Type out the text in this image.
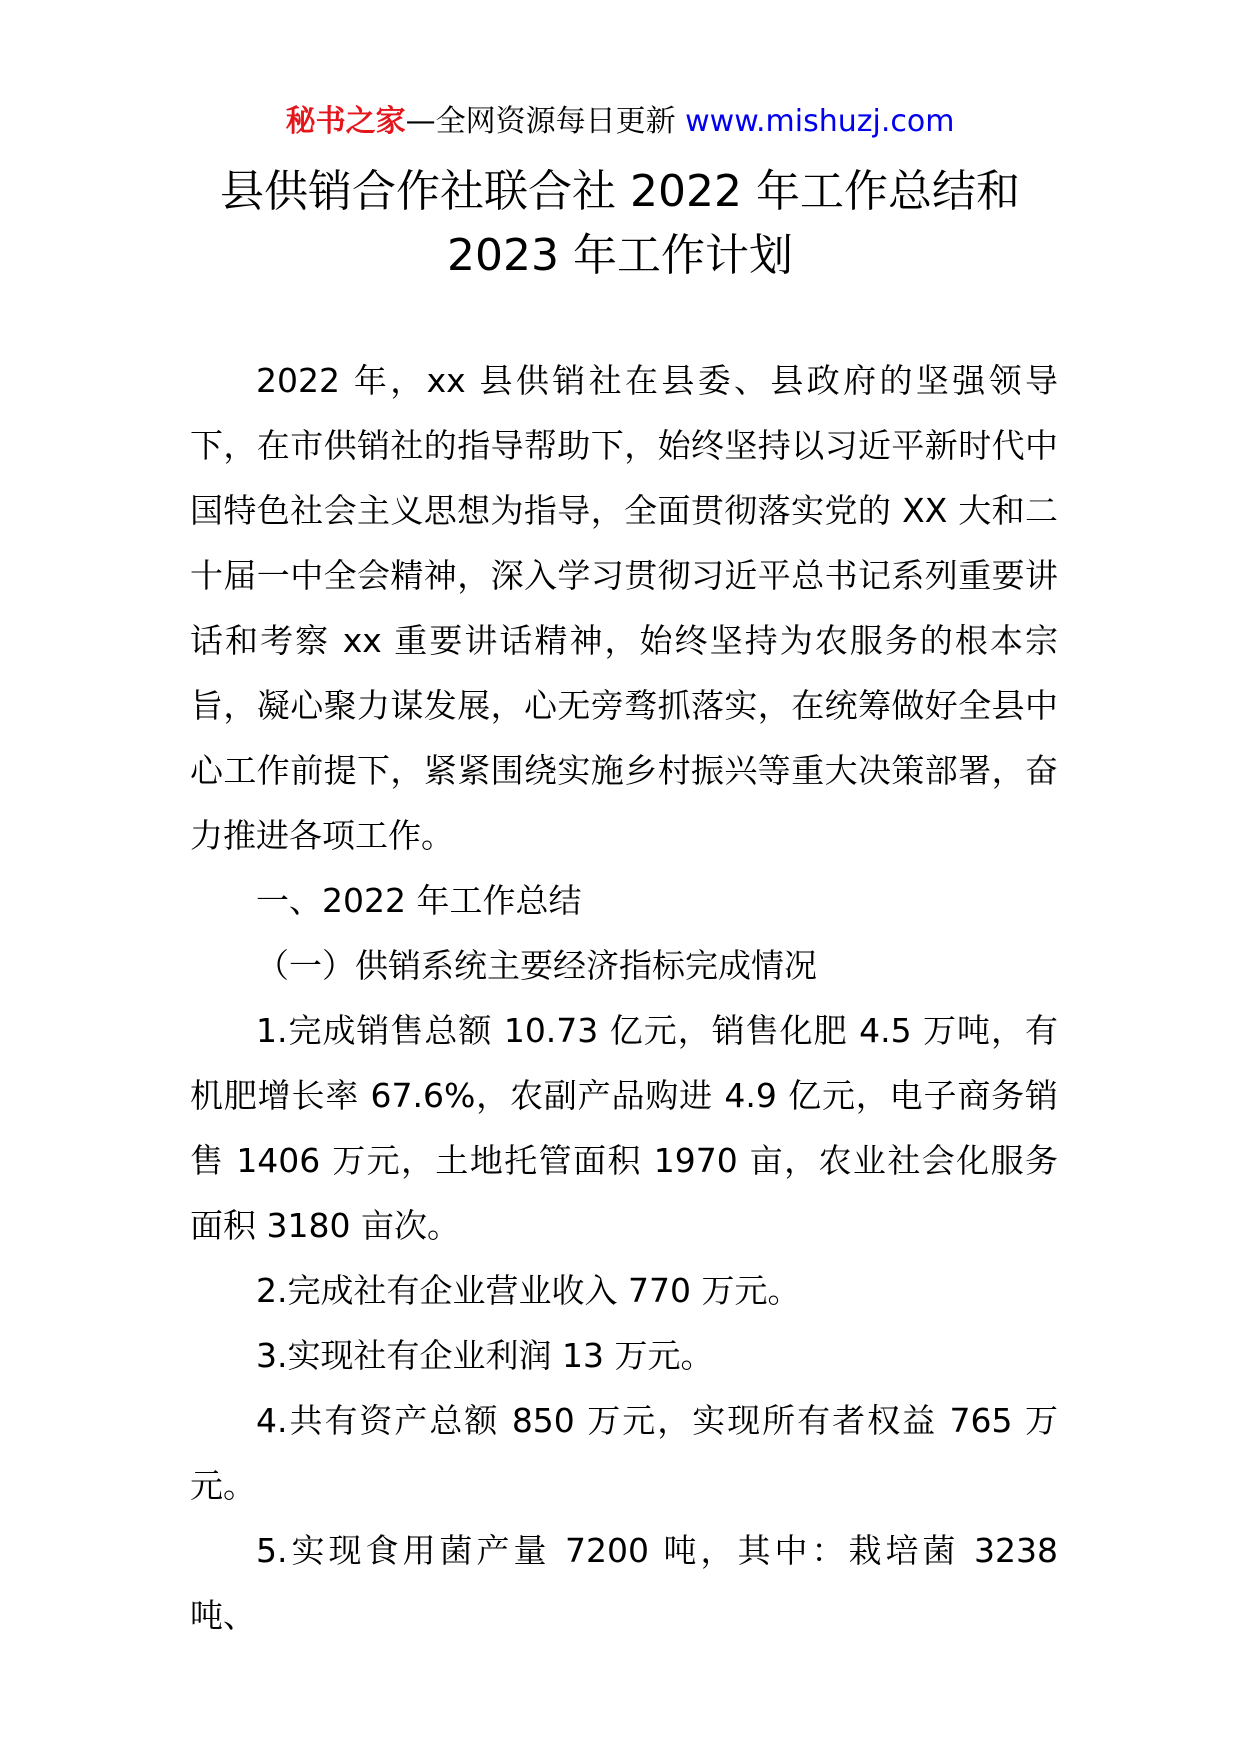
秘书之家—全网资源每日更新 www.mishuzj.com
县供销合作社联合社 2022 年工作总结和
2023 年工作计划

2022 年，xx 县供销社在县委、县政府的坚强领导下，在市供销社的指导帮助下，始终坚持以习近平新时代中国特色社会主义思想为指导，全面贯彻落实党的 XX 大和二十届一中全会精神，深入学习贯彻习近平总书记系列重要讲话和考察 xx 重要讲话精神，始终坚持为农服务的根本宗旨，凝心聚力谋发展，心无旁骛抓落实，在统筹做好全县中心工作前提下，紧紧围绕实施乡村振兴等重大决策部署，奋力推进各项工作。

一、2022 年工作总结

（一）供销系统主要经济指标完成情况

1.完成销售总额 10.73 亿元，销售化肥 4.5 万吨，有机肥增长率 67.6%，农副产品购进 4.9 亿元，电子商务销售 1406 万元，土地托管面积 1970 亩，农业社会化服务面积 3180 亩次。

2.完成社有企业营业收入 770 万元。

3.实现社有企业利润 13 万元。

4.共有资产总额 850 万元，实现所有者权益 765 万元。

5.实现食用菌产量 7200 吨，其中：栽培菌 3238 吨、
